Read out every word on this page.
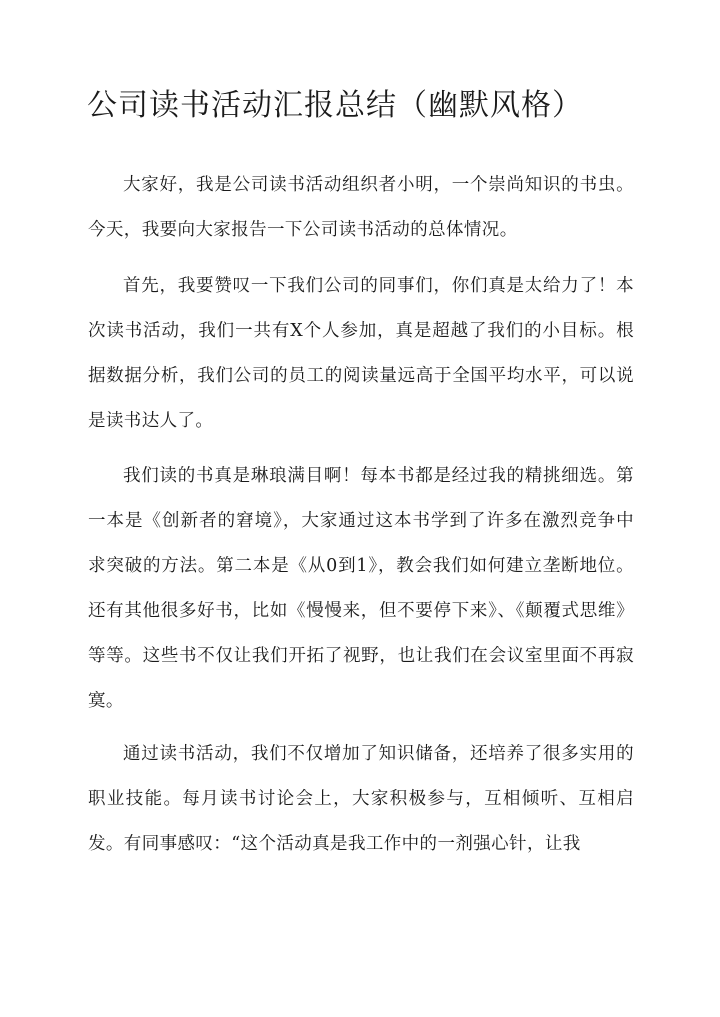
公司读书活动汇报总结（幽默风格）

大家好，我是公司读书活动组织者小明，一个崇尚知识的书虫。今天，我要向大家报告一下公司读书活动的总体情况。

首先，我要赞叹一下我们公司的同事们，你们真是太给力了！本次读书活动，我们一共有X个人参加，真是超越了我们的小目标。根据数据分析，我们公司的员工的阅读量远高于全国平均水平，可以说是读书达人了。

我们读的书真是琳琅满目啊！每本书都是经过我的精挑细选。第一本是《创新者的窘境》，大家通过这本书学到了许多在激烈竞争中求突破的方法。第二本是《从0到1》，教会我们如何建立垄断地位。还有其他很多好书，比如《慢慢来，但不要停下来》、《颠覆式思维》等等。这些书不仅让我们开拓了视野，也让我们在会议室里面不再寂寞。

通过读书活动，我们不仅增加了知识储备，还培养了很多实用的职业技能。每月读书讨论会上，大家积极参与，互相倾听、互相启发。有同事感叹：“这个活动真是我工作中的一剂强心针，让我
